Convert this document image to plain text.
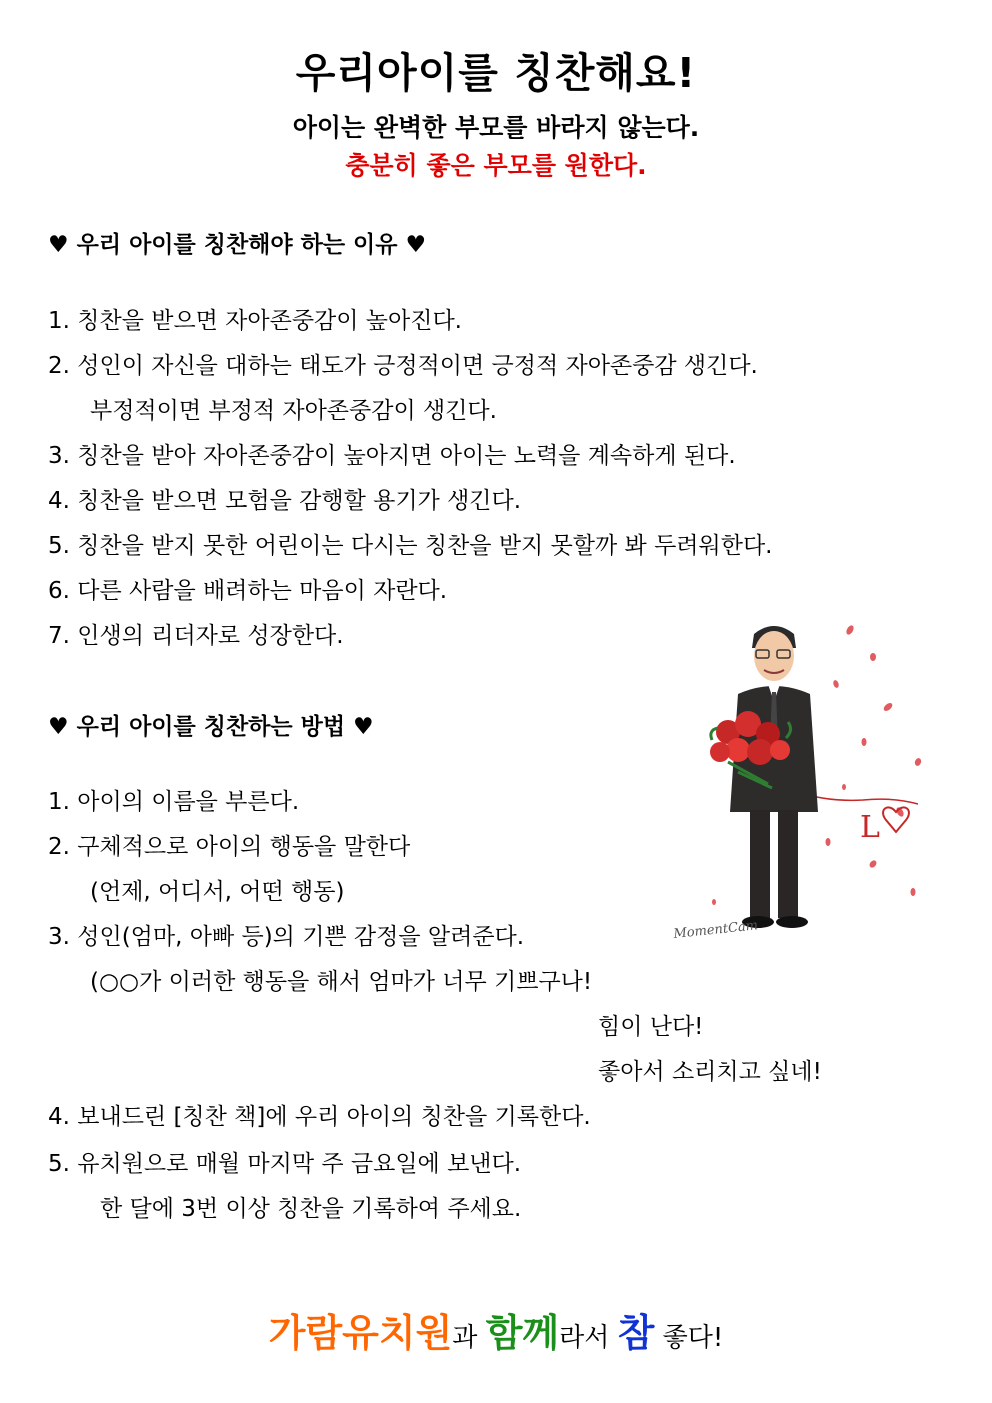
우리아이를 칭찬해요!
아이는 완벽한 부모를 바라지 않는다.
충분히 좋은 부모를 원한다.
♥ 우리 아이를 칭찬해야 하는 이유 ♥
1. 칭찬을 받으면 자아존중감이 높아진다.
2. 성인이 자신을 대하는 태도가 긍정적이면 긍정적 자아존중감 생긴다.
부정적이면 부정적 자아존중감이 생긴다.
3. 칭찬을 받아 자아존중감이 높아지면 아이는 노력을 계속하게 된다.
4. 칭찬을 받으면 모험을 감행할 용기가 생긴다.
5. 칭찬을 받지 못한 어린이는 다시는 칭찬을 받지 못할까 봐 두려워한다.
6. 다른 사람을 배려하는 마음이 자란다.
7. 인생의 리더자로 성장한다.
♥ 우리 아이를 칭찬하는 방법 ♥
1. 아이의 이름을 부른다.
2. 구체적으로 아이의 행동을 말한다
(언제, 어디서, 어떤 행동)
3. 성인(엄마, 아빠 등)의 기쁜 감정을 알려준다.
(○○가 이러한 행동을 해서 엄마가 너무 기쁘구나!
힘이 난다!
좋아서 소리치고 싶네!
4. 보내드린 [칭찬 책]에 우리 아이의 칭찬을 기록한다.
5. 유치원으로 매월 마지막 주 금요일에 보낸다.
한 달에 3번 이상 칭찬을 기록하여 주세요.
L
MomentCam
가람유치원과 함께라서 참 좋다!
